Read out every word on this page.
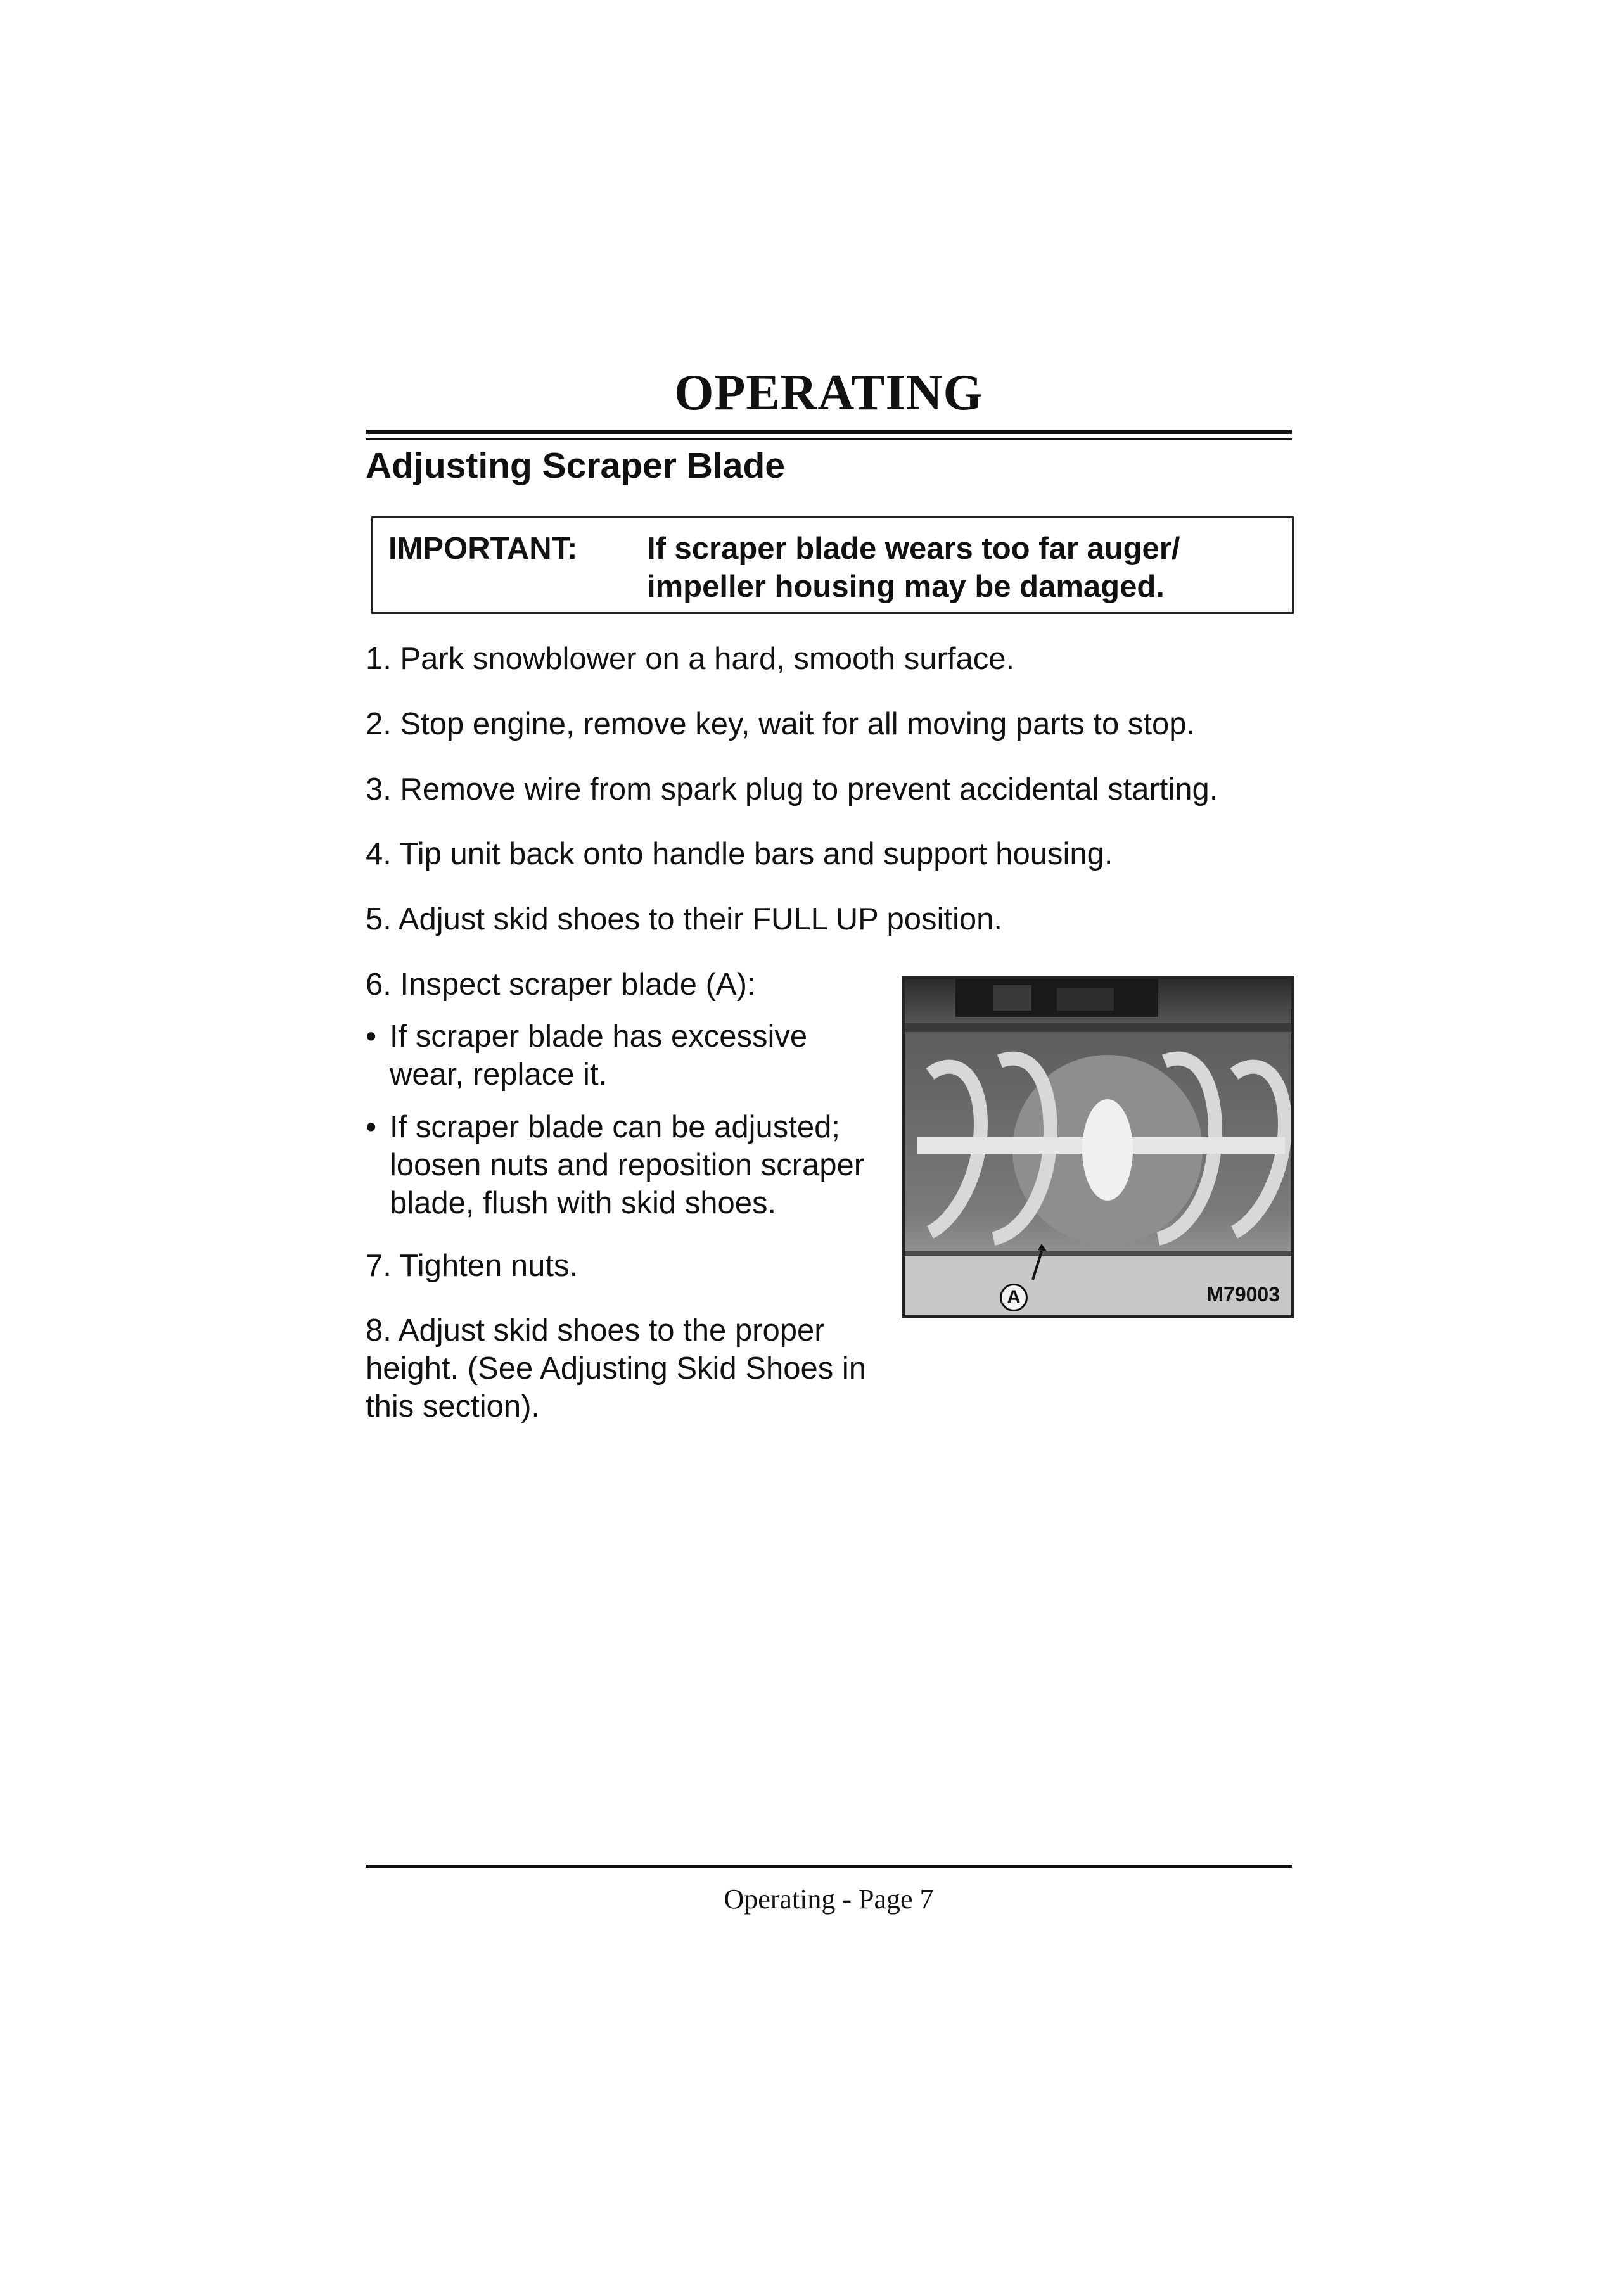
OPERATING
Adjusting Scraper Blade
IMPORTANT: If scraper blade wears too far auger/
impeller housing may be damaged.
1. Park snowblower on a hard, smooth surface.
2. Stop engine, remove key, wait for all moving parts to stop.
3. Remove wire from spark plug to prevent accidental starting.
4. Tip unit back onto handle bars and support housing.
5. Adjust skid shoes to their FULL UP position.
6. Inspect scraper blade (A):
• If scraper blade has excessive
wear, replace it.
• If scraper blade can be adjusted;
loosen nuts and reposition scraper
blade, flush with skid shoes.
7. Tighten nuts.
8. Adjust skid shoes to the proper
height. (See Adjusting Skid Shoes in
this section).
M79003
A
Operating - Page 7
